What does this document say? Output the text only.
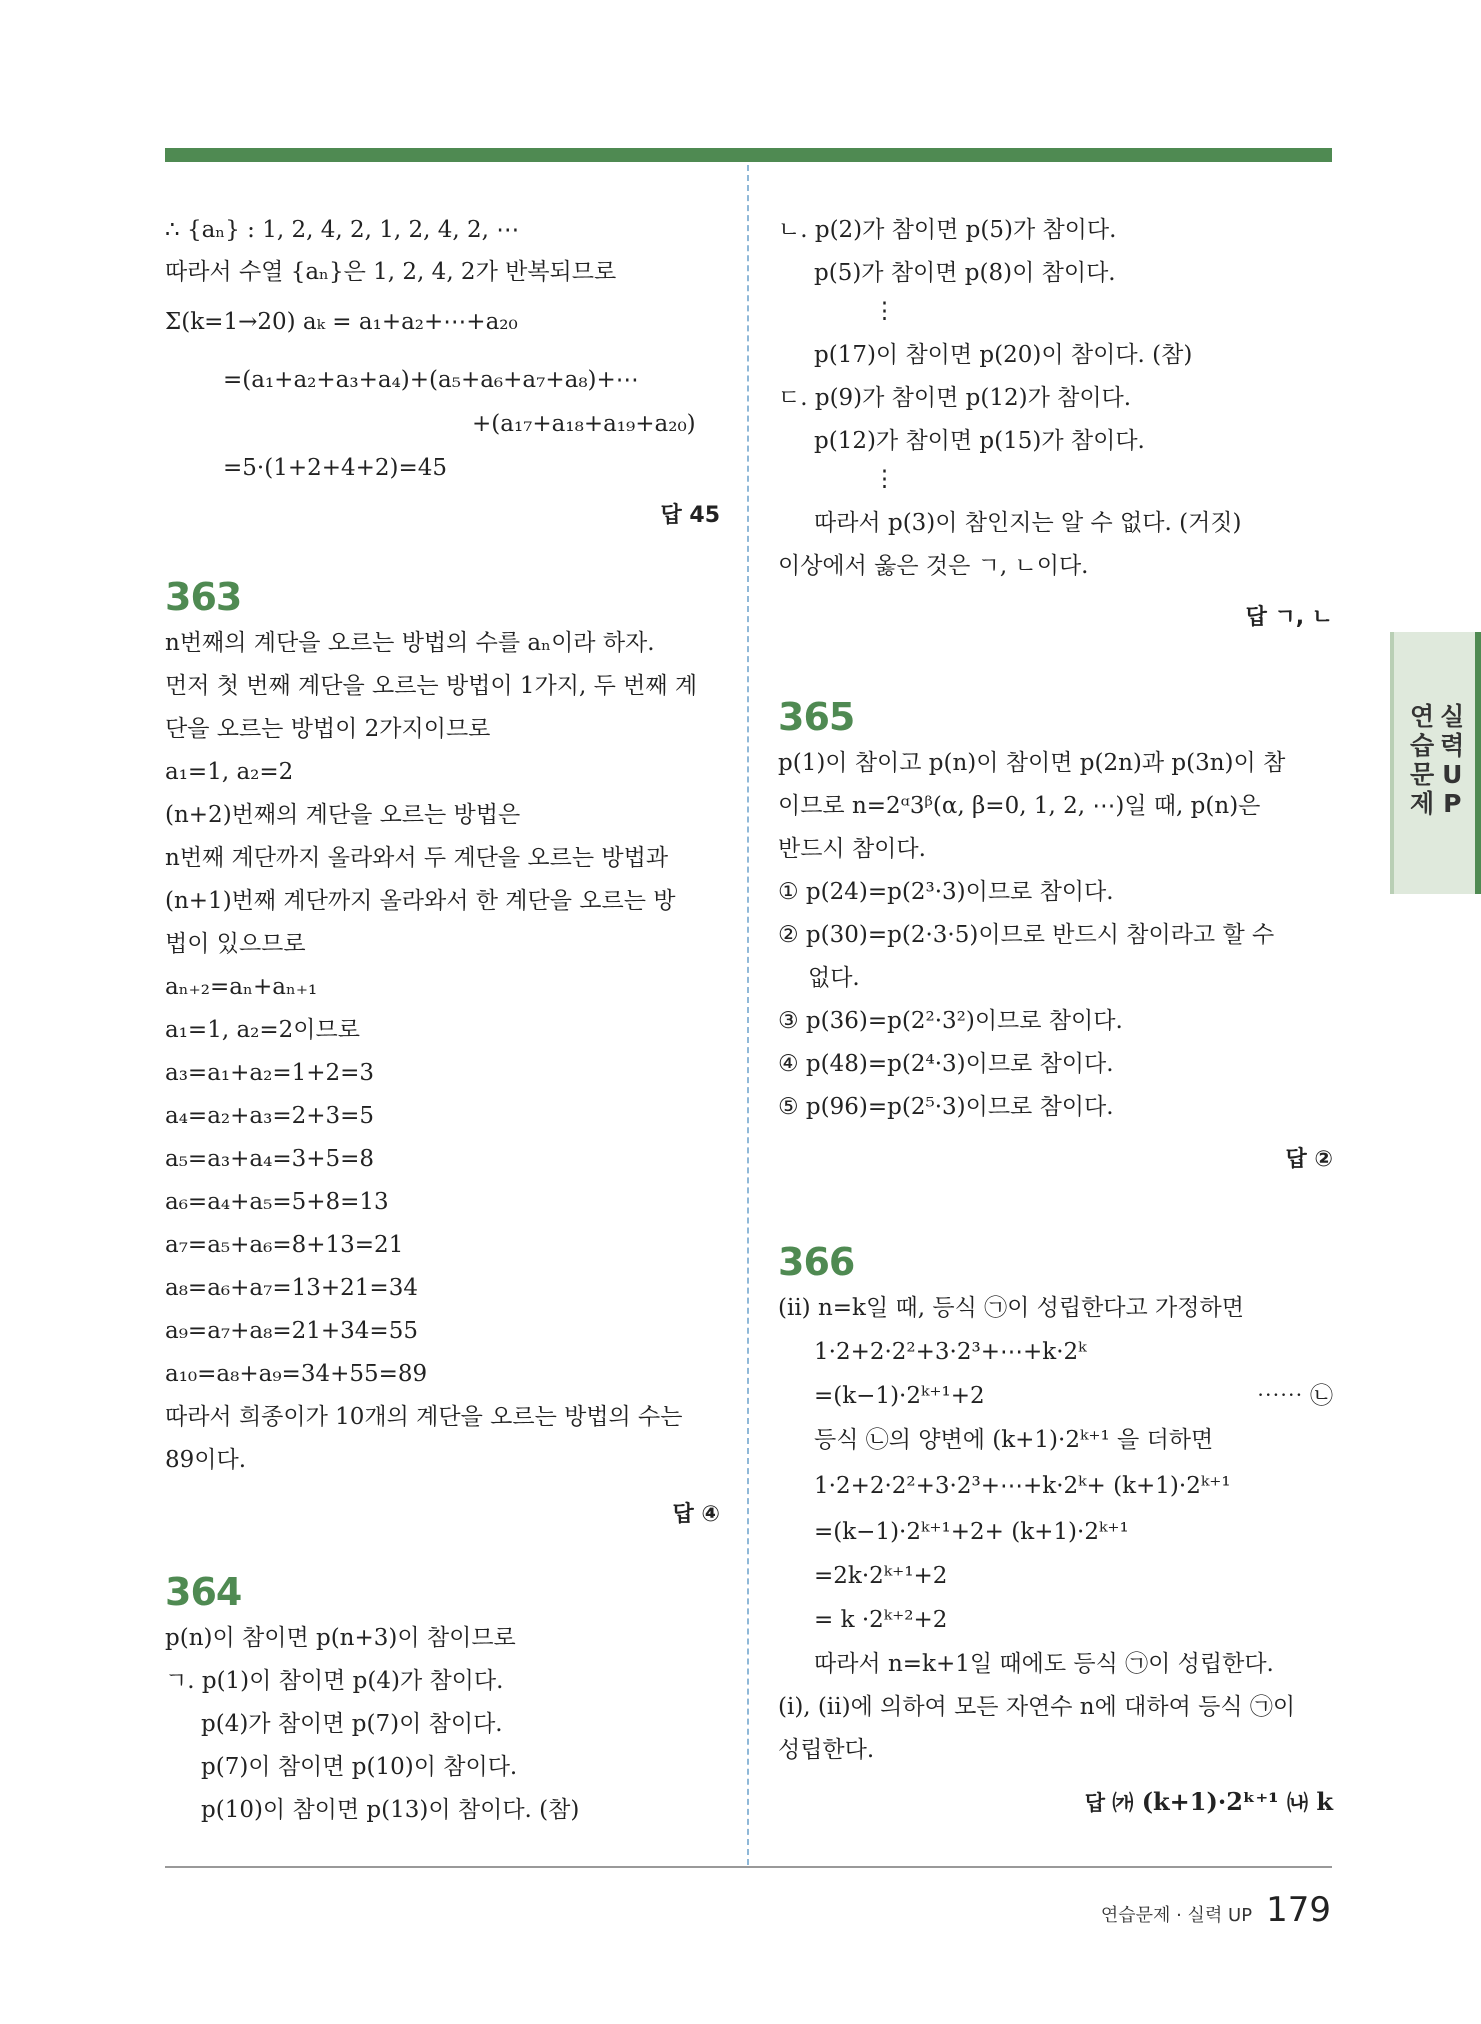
∴ {aₙ} : 1, 2, 4, 2, 1, 2, 4, 2, ⋯
따라서 수열 {aₙ}은 1, 2, 4, 2가 반복되므로
Σ(k=1→20) aₖ = a₁+a₂+⋯+a₂₀
=(a₁+a₂+a₃+a₄)+(a₅+a₆+a₇+a₈)+⋯
+(a₁₇+a₁₈+a₁₉+a₂₀)
=5·(1+2+4+2)=45
답 45
363
n번째의 계단을 오르는 방법의 수를 aₙ이라 하자.
먼저 첫 번째 계단을 오르는 방법이 1가지, 두 번째 계
단을 오르는 방법이 2가지이므로
a₁=1, a₂=2
(n+2)번째의 계단을 오르는 방법은
n번째 계단까지 올라와서 두 계단을 오르는 방법과
(n+1)번째 계단까지 올라와서 한 계단을 오르는 방
법이 있으므로
aₙ₊₂=aₙ+aₙ₊₁
a₁=1, a₂=2이므로
a₃=a₁+a₂=1+2=3
a₄=a₂+a₃=2+3=5
a₅=a₃+a₄=3+5=8
a₆=a₄+a₅=5+8=13
a₇=a₅+a₆=8+13=21
a₈=a₆+a₇=13+21=34
a₉=a₇+a₈=21+34=55
a₁₀=a₈+a₉=34+55=89
따라서 희종이가 10개의 계단을 오르는 방법의 수는
89이다.
답 ④
364
p(n)이 참이면 p(n+3)이 참이므로
ㄱ. p(1)이 참이면 p(4)가 참이다.
p(4)가 참이면 p(7)이 참이다.
p(7)이 참이면 p(10)이 참이다.
p(10)이 참이면 p(13)이 참이다. (참)
ㄴ. p(2)가 참이면 p(5)가 참이다.
p(5)가 참이면 p(8)이 참이다.
⋮
p(17)이 참이면 p(20)이 참이다. (참)
ㄷ. p(9)가 참이면 p(12)가 참이다.
p(12)가 참이면 p(15)가 참이다.
⋮
따라서 p(3)이 참인지는 알 수 없다. (거짓)
이상에서 옳은 것은 ㄱ, ㄴ이다.
답 ㄱ, ㄴ
365
p(1)이 참이고 p(n)이 참이면 p(2n)과 p(3n)이 참
이므로 n=2ᵅ3ᵝ(α, β=0, 1, 2, ⋯)일 때, p(n)은
반드시 참이다.
① p(24)=p(2³·3)이므로 참이다.
② p(30)=p(2·3·5)이므로 반드시 참이라고 할 수
없다.
③ p(36)=p(2²·3²)이므로 참이다.
④ p(48)=p(2⁴·3)이므로 참이다.
⑤ p(96)=p(2⁵·3)이므로 참이다.
답 ②
366
(ii) n=k일 때, 등식 ㉠이 성립한다고 가정하면
1·2+2·2²+3·2³+⋯+k·2ᵏ
=(k−1)·2ᵏ⁺¹+2	⋯⋯ ㉡
등식 ㉡의 양변에 (k+1)·2ᵏ⁺¹ 을 더하면
1·2+2·2²+3·2³+⋯+k·2ᵏ+ (k+1)·2ᵏ⁺¹
=(k−1)·2ᵏ⁺¹+2+ (k+1)·2ᵏ⁺¹
=2k·2ᵏ⁺¹+2
= k ·2ᵏ⁺²+2
따라서 n=k+1일 때에도 등식 ㉠이 성립한다.
(i), (ii)에 의하여 모든 자연수 n에 대하여 등식 ㉠이
성립한다.
답 ㈎ (k+1)·2ᵏ⁺¹ ㈏ k
연
습
문
제
실
력
U
P
연습문제 · 실력 UP 179
